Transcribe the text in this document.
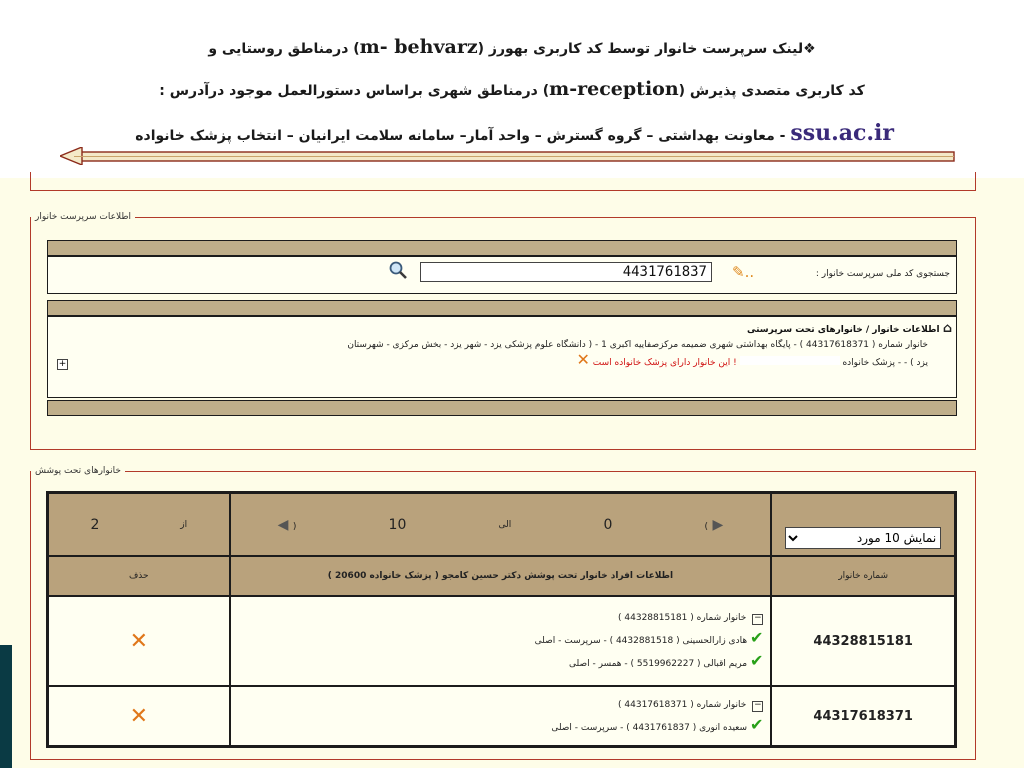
❖لینک سرپرست خانوار توسط کد کاربری بهورز (m- behvarz) درمناطق روستایی و
کد کاربری متصدی پذیرش (m-reception) درمناطق شهری براساس دستورالعمل موجود درآدرس :
ssu.ac.ir - معاونت بهداشتی – گروه گسترش – واحد آمار– سامانه سلامت ایرانیان – انتخاب پزشک خانواده
اطلاعات سرپرست خانوار
جستجوی کد ملی سرپرست خانوار :
✎..
4431761837
⌂ اطلاعات خانوار / خانوارهای تحت سرپرستی
خانوار شماره ( 44317618371 ) - پایگاه بهداشتی شهری ضمیمه مرکزصفاییه اکبری 1 - ( دانشگاه علوم پزشکی یزد - شهر یزد - بخش مرکزی - شهرستان
یزد ) - - پزشک خانواده  ! این خانوار دارای پزشک خانواده است ✕
+
خانوارهای تحت پوشش
2 از	◀ ) 10 الی 0 ( ▶

نمایش 10 مورد
حذف	اطلاعات افراد خانوار تحت پوشش دکتر حسین کامجو ( پزشک خانواده 20600 )	شماره خانوار
✕	−خانوار شماره ( 44328815181 )
✔ هادی زارالحسینی ( 4432881518 ) - سرپرست - اصلی
✔ مریم اقبالی ( 5519962227 ) - همسر - اصلی	44328815181
✕	−خانوار شماره ( 44317618371 )
✔ سعیده انوری ( 4431761837 ) - سرپرست - اصلی	44317618371
